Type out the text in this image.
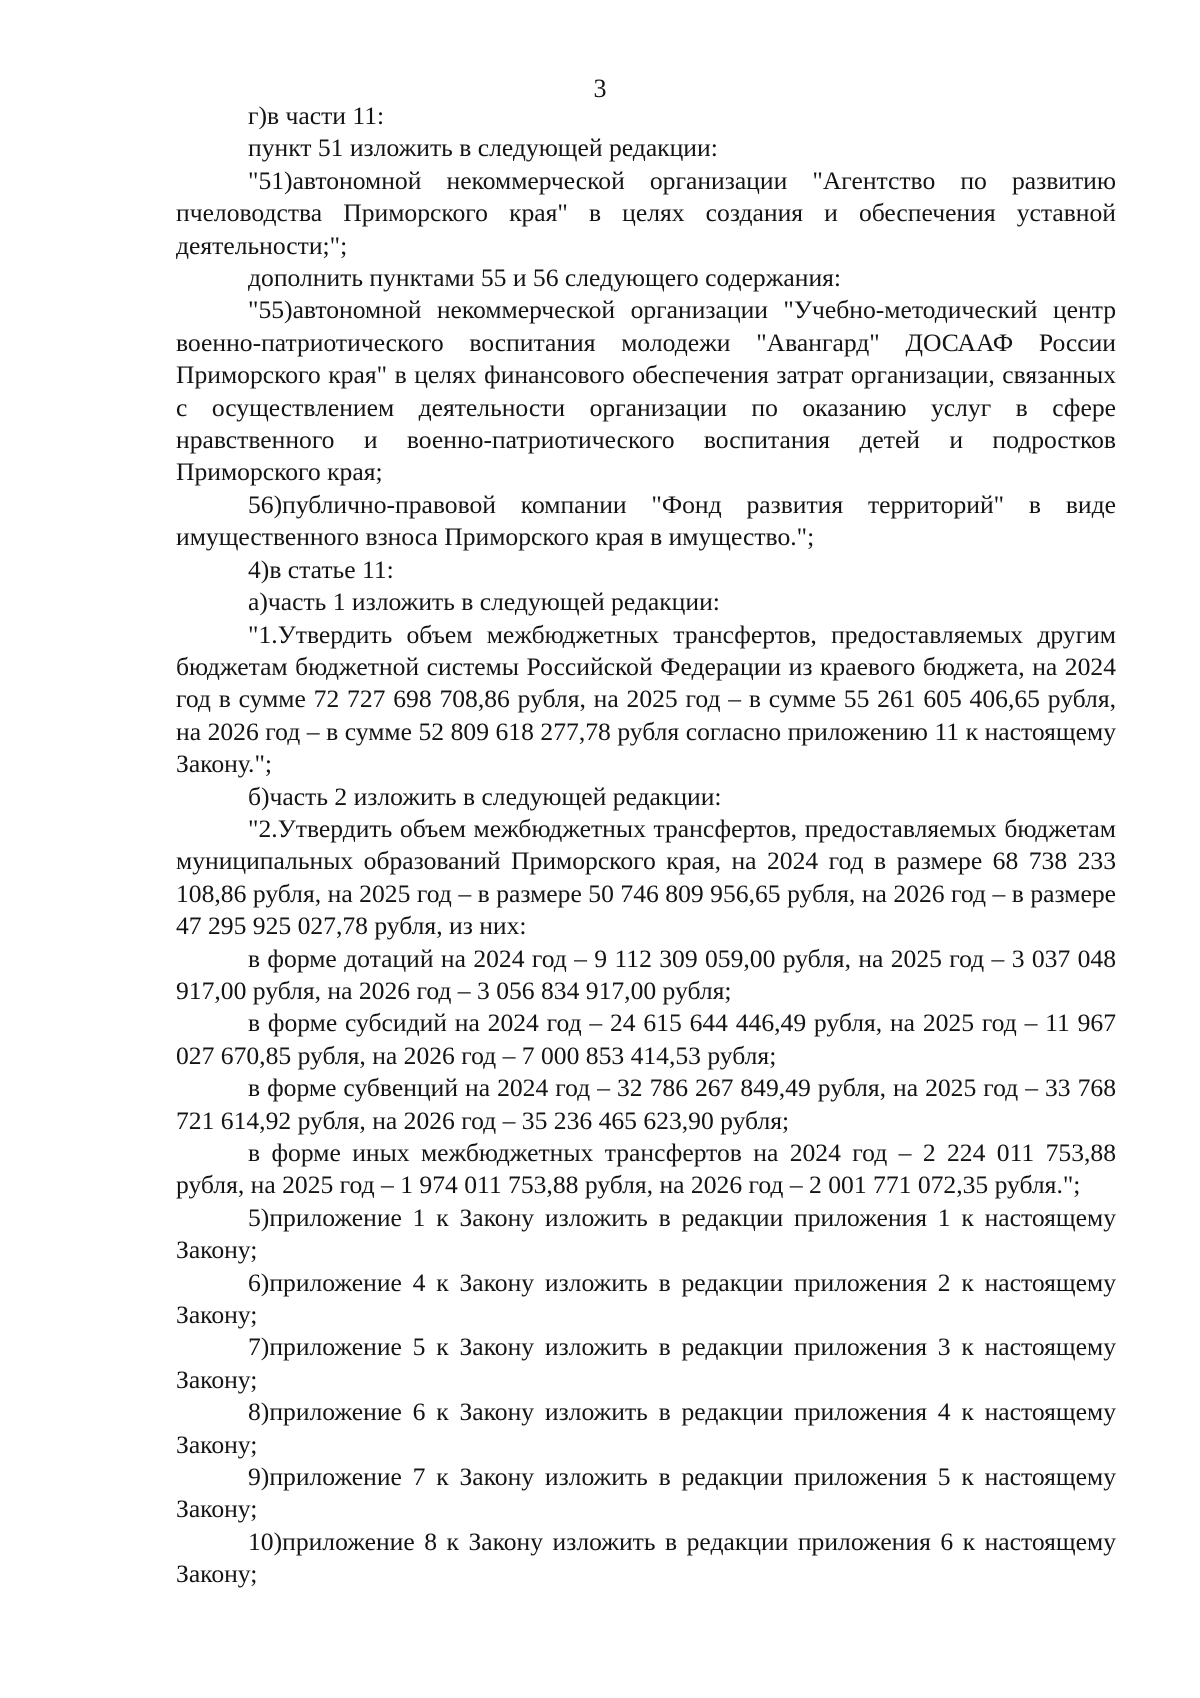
3

г)в части 11:

пункт 51 изложить в следующей редакции:

"51)автономной некоммерческой организации "Агентство по развитию пчеловодства Приморского края" в целях создания и обеспечения уставной деятельности;";

дополнить пунктами 55 и 56 следующего содержания:

"55)автономной некоммерческой организации "Учебно-методический центр военно-патриотического воспитания молодежи "Авангард" ДОСААФ России Приморского края" в целях финансового обеспечения затрат организации, связанных с осуществлением деятельности организации по оказанию услуг в сфере нравственного и военно-патриотического воспитания детей и подростков Приморского края;

56)публично-правовой компании "Фонд развития территорий" в виде имущественного взноса Приморского края в имущество.";

4)в статье 11:

а)часть 1 изложить в следующей редакции:

"1.Утвердить объем межбюджетных трансфертов, предоставляемых другим бюджетам бюджетной системы Российской Федерации из краевого бюджета, на 2024 год в сумме 72 727 698 708,86 рубля, на 2025 год – в сумме 55 261 605 406,65 рубля, на 2026 год – в сумме 52 809 618 277,78 рубля согласно приложению 11 к настоящему Закону.";

б)часть 2 изложить в следующей редакции:

"2.Утвердить объем межбюджетных трансфертов, предоставляемых бюджетам муниципальных образований Приморского края, на 2024 год в размере 68 738 233 108,86 рубля, на 2025 год – в размере 50 746 809 956,65 рубля, на 2026 год – в размере 47 295 925 027,78 рубля, из них:

в форме дотаций на 2024 год – 9 112 309 059,00 рубля, на 2025 год – 3 037 048 917,00 рубля, на 2026 год – 3 056 834 917,00 рубля;

в форме субсидий на 2024 год – 24 615 644 446,49 рубля, на 2025 год – 11 967 027 670,85 рубля, на 2026 год – 7 000 853 414,53 рубля;

в форме субвенций на 2024 год – 32 786 267 849,49 рубля, на 2025 год – 33 768 721 614,92 рубля, на 2026 год – 35 236 465 623,90 рубля;

в форме иных межбюджетных трансфертов на 2024 год – 2 224 011 753,88 рубля, на 2025 год – 1 974 011 753,88 рубля, на 2026 год – 2 001 771 072,35 рубля.";

5)приложение 1 к Закону изложить в редакции приложения 1 к настоящему Закону;

6)приложение 4 к Закону изложить в редакции приложения 2 к настоящему Закону;

7)приложение 5 к Закону изложить в редакции приложения 3 к настоящему Закону;

8)приложение 6 к Закону изложить в редакции приложения 4 к настоящему Закону;

9)приложение 7 к Закону изложить в редакции приложения 5 к настоящему Закону;

10)приложение 8 к Закону изложить в редакции приложения 6 к настоящему Закону;
